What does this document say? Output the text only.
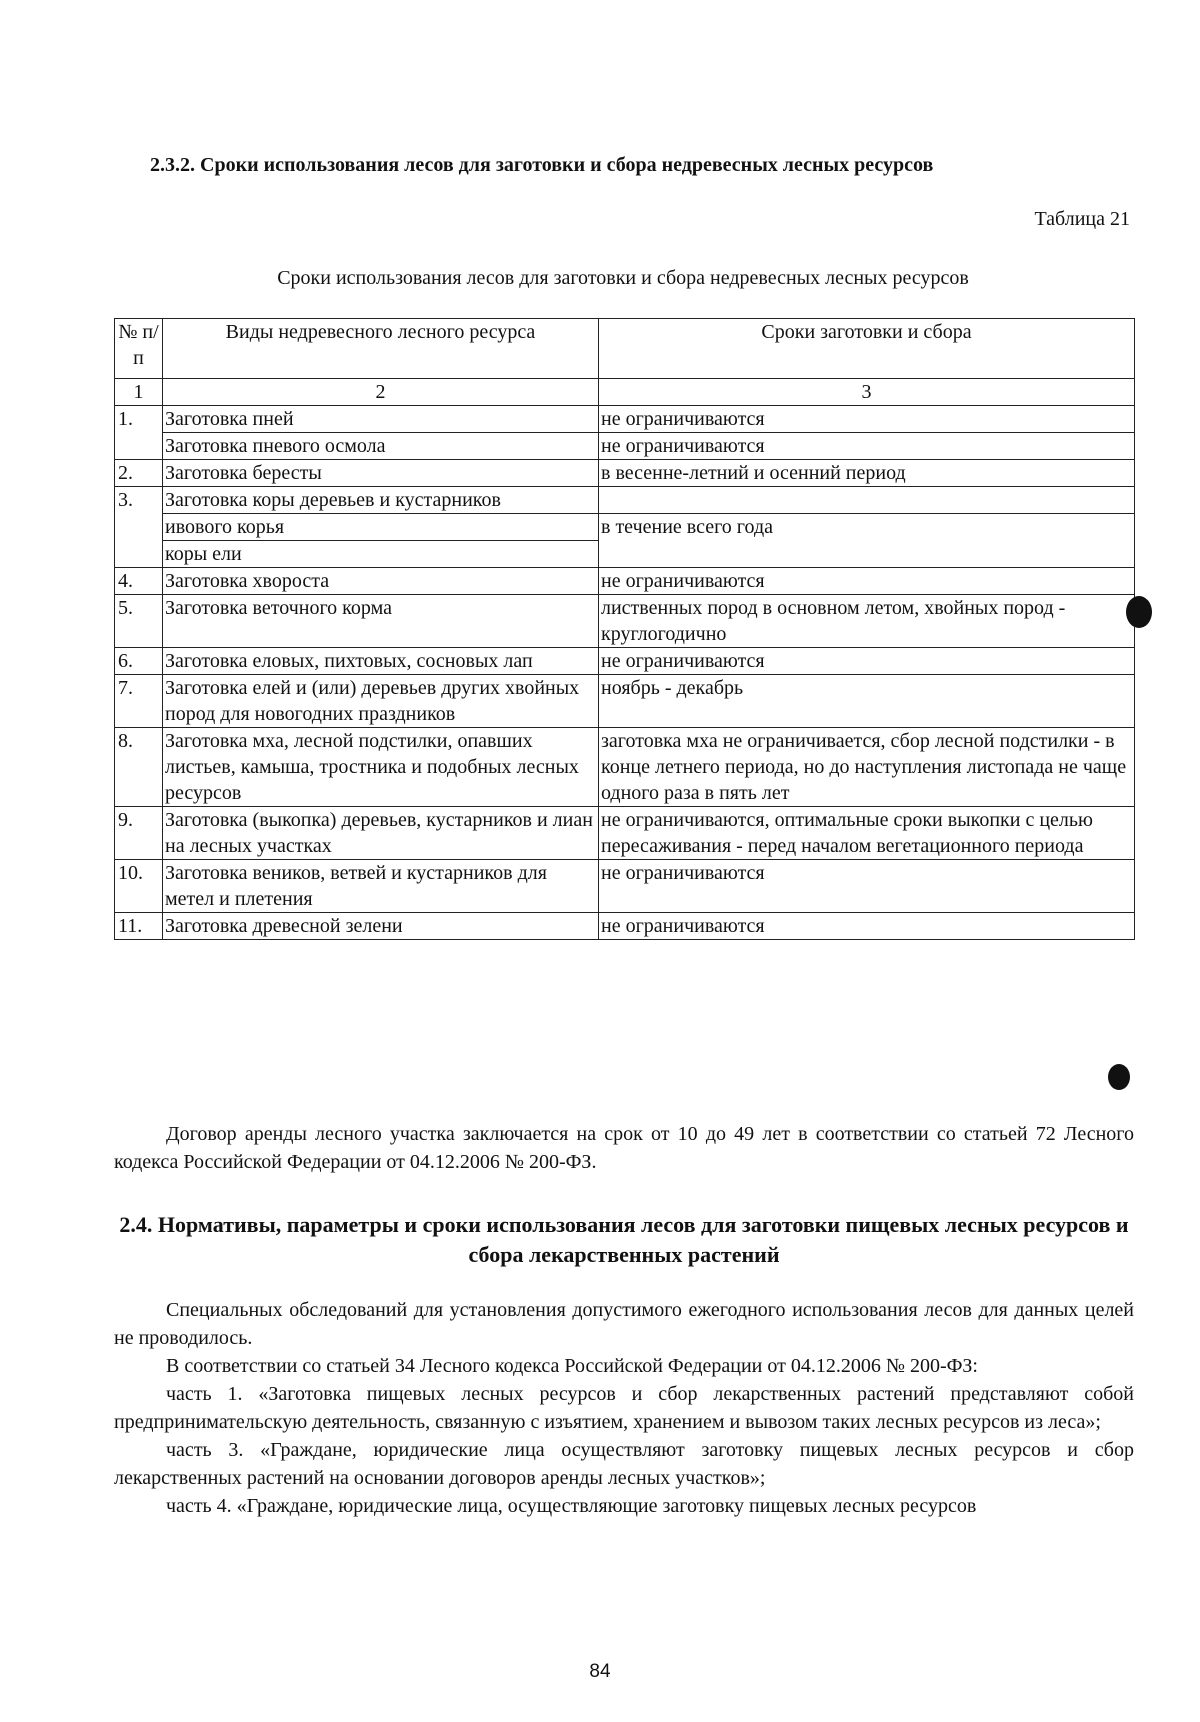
2.3.2. Сроки использования лесов для заготовки и сбора недревесных лесных ресурсов
Таблица 21
Сроки использования лесов для заготовки и сбора недревесных лесных ресурсов
№ п/п	Виды недревесного лесного ресурса	Сроки заготовки и сбора
1	2	3
1.	Заготовка пней	не ограничиваются
	Заготовка пневого осмола	не ограничиваются
2.	Заготовка бересты	в весенне-летний и осенний период
3.	Заготовка коры деревьев и кустарников	
	ивового корья	в течение всего года
	коры ели	
4.	Заготовка хвороста	не ограничиваются
5.	Заготовка веточного корма	лиственных пород в основном летом, хвойных пород - круглогодично
6.	Заготовка еловых, пихтовых, сосновых лап	не ограничиваются
7.	Заготовка елей и (или) деревьев других хвойных пород для новогодних праздников	ноябрь - декабрь
8.	Заготовка мха, лесной подстилки, опавших листьев, камыша, тростника и подобных лесных ресурсов	заготовка мха не ограничивается, сбор лесной подстилки - в конце летнего периода, но до наступления листопада не чаще одного раза в пять лет
9.	Заготовка (выкопка) деревьев, кустарников и лиан на лесных участках	не ограничиваются, оптимальные сроки выкопки с целью пересаживания - перед началом вегетационного периода
10.	Заготовка веников, ветвей и кустарников для метел и плетения	не ограничиваются
11.	Заготовка древесной зелени	не ограничиваются

Договор аренды лесного участка заключается на срок от 10 до 49 лет в соответствии со статьей 72 Лесного кодекса Российской Федерации от 04.12.2006 № 200-ФЗ.

2.4. Нормативы, параметры и сроки использования лесов для заготовки пищевых лесных ресурсов и сбора лекарственных растений

Специальных обследований для установления допустимого ежегодного использования лесов для данных целей не проводилось.

В соответствии со статьей 34 Лесного кодекса Российской Федерации от 04.12.2006 № 200-ФЗ:

часть 1. «Заготовка пищевых лесных ресурсов и сбор лекарственных растений представляют собой предпринимательскую деятельность, связанную с изъятием, хранением и вывозом таких лесных ресурсов из леса»;

часть 3. «Граждане, юридические лица осуществляют заготовку пищевых лесных ресурсов и сбор лекарственных растений на основании договоров аренды лесных участков»;

часть 4. «Граждане, юридические лица, осуществляющие заготовку пищевых лесных ресурсов

84
